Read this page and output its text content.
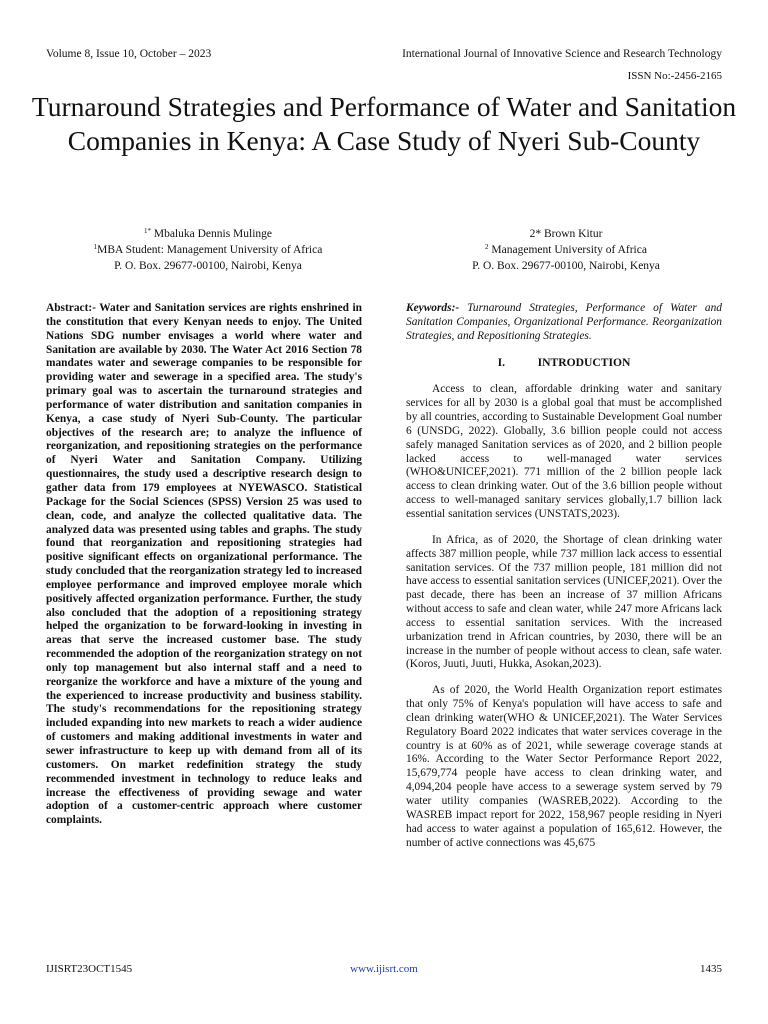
Volume 8, Issue 10, October – 2023	International Journal of Innovative Science and Research Technology
ISSN No:-2456-2165
Turnaround Strategies and Performance of Water and Sanitation Companies in Kenya: A Case Study of Nyeri Sub-County
$^{1*}$ Mbaluka Dennis Mulinge
$^1$MBA Student: Management University of Africa
P. O. Box. 29677-00100, Nairobi, Kenya
2* Brown Kitur
$^2$ Management University of Africa
P. O. Box. 29677-00100, Nairobi, Kenya

Abstract:- Water and Sanitation services are rights enshrined in the constitution that every Kenyan needs to enjoy. The United Nations SDG number envisages a world where water and Sanitation are available by 2030. The Water Act 2016 Section 78 mandates water and sewerage companies to be responsible for providing water and sewerage in a specified area. The study's primary goal was to ascertain the turnaround strategies and performance of water distribution and sanitation companies in Kenya, a case study of Nyeri Sub-County. The particular objectives of the research are; to analyze the influence of reorganization, and repositioning strategies on the performance of Nyeri Water and Sanitation Company. Utilizing questionnaires, the study used a descriptive research design to gather data from 179 employees at NYEWASCO. Statistical Package for the Social Sciences (SPSS) Version 25 was used to clean, code, and analyze the collected qualitative data. The analyzed data was presented using tables and graphs. The study found that reorganization and repositioning strategies had positive significant effects on organizational performance. The study concluded that the reorganization strategy led to increased employee performance and improved employee morale which positively affected organization performance. Further, the study also concluded that the adoption of a repositioning strategy helped the organization to be forward-looking in investing in areas that serve the increased customer base. The study recommended the adoption of the reorganization strategy on not only top management but also internal staff and a need to reorganize the workforce and have a mixture of the young and the experienced to increase productivity and business stability. The study's recommendations for the repositioning strategy included expanding into new markets to reach a wider audience of customers and making additional investments in water and sewer infrastructure to keep up with demand from all of its customers. On market redefinition strategy the study recommended investment in technology to reduce leaks and increase the effectiveness of providing sewage and water adoption of a customer-centric approach where customer complaints.

Keywords:- Turnaround Strategies, Performance of Water and Sanitation Companies, Organizational Performance. Reorganization Strategies, and Repositioning Strategies.

I.	INTRODUCTION

Access to clean, affordable drinking water and sanitary services for all by 2030 is a global goal that must be accomplished by all countries, according to Sustainable Development Goal number 6 (UNSDG, 2022). Globally, 3.6 billion people could not access safely managed Sanitation services as of 2020, and 2 billion people lacked access to well-managed water services (WHO&UNICEF,2021). 771 million of the 2 billion people lack access to clean drinking water. Out of the 3.6 billion people without access to well-managed sanitary services globally,1.7 billion lack essential sanitation services (UNSTATS,2023).

In Africa, as of 2020, the Shortage of clean drinking water affects 387 million people, while 737 million lack access to essential sanitation services. Of the 737 million people, 181 million did not have access to essential sanitation services (UNICEF,2021). Over the past decade, there has been an increase of 37 million Africans without access to safe and clean water, while 247 more Africans lack access to essential sanitation services. With the increased urbanization trend in African countries, by 2030, there will be an increase in the number of people without access to clean, safe water. (Koros, Juuti, Juuti, Hukka, Asokan,2023).

As of 2020, the World Health Organization report estimates that only 75% of Kenya's population will have access to safe and clean drinking water(WHO & UNICEF,2021). The Water Services Regulatory Board 2022 indicates that water services coverage in the country is at 60% as of 2021, while sewerage coverage stands at 16%. According to the Water Sector Performance Report 2022, 15,679,774 people have access to clean drinking water, and 4,094,204 people have access to a sewerage system served by 79 water utility companies (WASREB,2022). According to the WASREB impact report for 2022, 158,967 people residing in Nyeri had access to water against a population of 165,612. However, the number of active connections was 45,675

IJISRT23OCT1545	www.ijisrt.com	1435
